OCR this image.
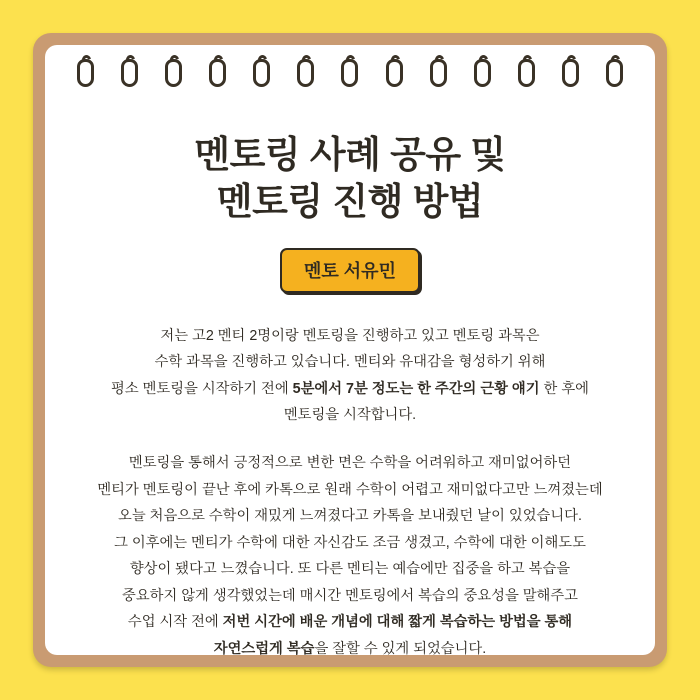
멘토링 사례 공유 및
멘토링 진행 방법
멘토 서유민
저는 고2 멘티 2명이랑 멘토링을 진행하고 있고 멘토링 과목은
수학 과목을 진행하고 있습니다. 멘티와 유대감을 형성하기 위해
평소 멘토링을 시작하기 전에 5분에서 7분 정도는 한 주간의 근황 얘기 한 후에
멘토링을 시작합니다.
멘토링을 통해서 긍정적으로 변한 면은 수학을 어려워하고 재미없어하던
멘티가 멘토링이 끝난 후에 카톡으로 원래 수학이 어렵고 재미없다고만 느껴졌는데
오늘 처음으로 수학이 재밌게 느껴졌다고 카톡을 보내줬던 날이 있었습니다.
그 이후에는 멘티가 수학에 대한 자신감도 조금 생겼고, 수학에 대한 이해도도
향상이 됐다고 느꼈습니다. 또 다른 멘티는 예습에만 집중을 하고 복습을
중요하지 않게 생각했었는데 매시간 멘토링에서 복습의 중요성을 말해주고
수업 시작 전에 저번 시간에 배운 개념에 대해 짧게 복습하는 방법을 통해
자연스럽게 복습을 잘할 수 있게 되었습니다.
